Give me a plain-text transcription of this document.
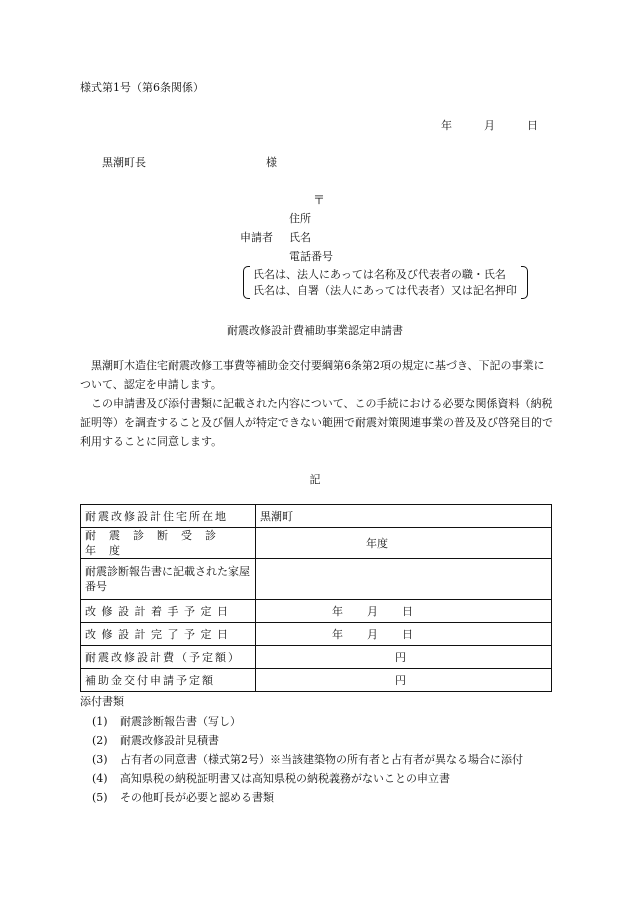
様式第1号（第6条関係）
年	月	日
黒潮町長	様
〒
住所
申請者 氏名
電話番号
氏名は、法人にあっては名称及び代表者の職・氏名
氏名は、自署（法人にあっては代表者）又は記名押印
耐震改修設計費補助事業認定申請書

黒潮町木造住宅耐震改修工事費等補助金交付要綱第6条第2項の規定に基づき、下記の事業について、認定を申請します。

この申請書及び添付書類に記載された内容について、この手続における必要な関係資料（納税証明等）を調査すること及び個人が特定できない範囲で耐震対策関連事業の普及及び啓発目的で利用することに同意します。

記
耐震改修設計住宅所在地	黒潮町
耐震診断受診年度	年度
耐震診断報告書に記載された家屋番号	
改修設計着手予定日	年 月 日
改修設計完了予定日	年 月 日
耐震改修設計費（予定額）	円
補助金交付申請予定額	円
添付書類
(1) 耐震診断報告書（写し）
(2) 耐震改修設計見積書
(3) 占有者の同意書（様式第2号）※当該建築物の所有者と占有者が異なる場合に添付
(4) 高知県税の納税証明書又は高知県税の納税義務がないことの申立書
(5) その他町長が必要と認める書類
